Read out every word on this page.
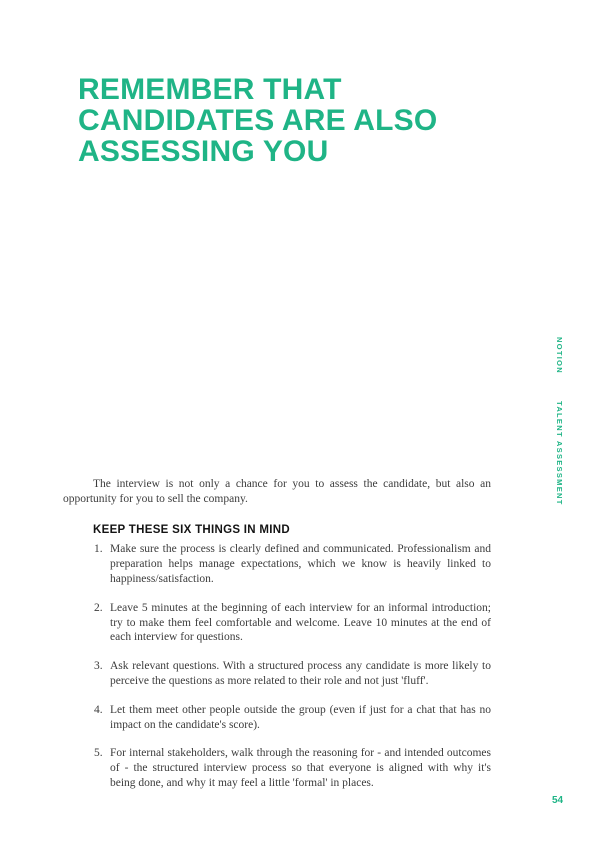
REMEMBER THAT
CANDIDATES ARE ALSO
ASSESSING YOU
NOTION
TALENT ASSESSMENT

The interview is not only a chance for you to assess the candidate, but also an opportunity for you to sell the company.

KEEP THESE SIX THINGS IN MIND
Make sure the process is clearly defined and communicated. Professionalism and preparation helps manage expectations, which we know is heavily linked to happiness/satisfaction.
Leave 5 minutes at the beginning of each interview for an informal introduction; try to make them feel comfortable and welcome. Leave 10 minutes at the end of each interview for questions.
Ask relevant questions. With a structured process any candidate is more likely to perceive the questions as more related to their role and not just 'fluff'.
Let them meet other people outside the group (even if just for a chat that has no impact on the candidate's score).
For internal stakeholders, walk through the reasoning for - and intended outcomes of - the structured interview process so that everyone is aligned with why it's being done, and why it may feel a little 'formal' in places.
54
